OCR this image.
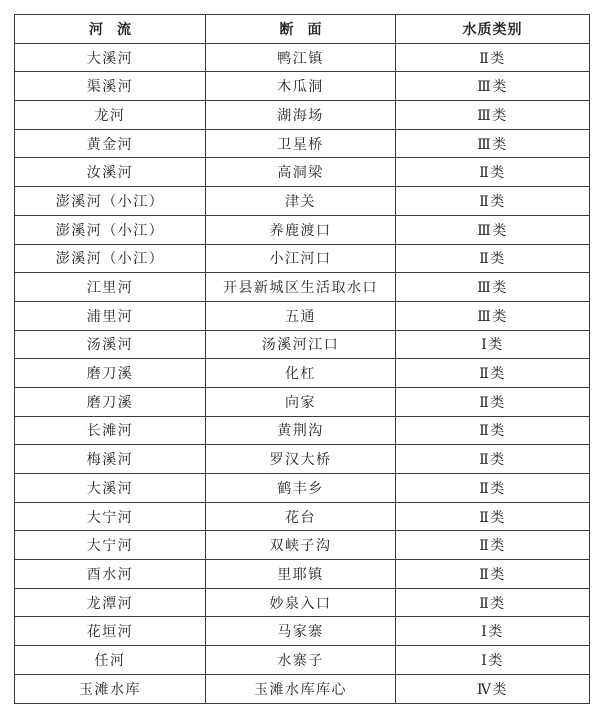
河流	断面	水质类别
大溪河	鸭江镇	Ⅱ类
渠溪河	木瓜洞	Ⅲ类
龙河	湖海场	Ⅲ类
黄金河	卫星桥	Ⅲ类
汝溪河	高洞梁	Ⅱ类
澎溪河（小江）	津关	Ⅱ类
澎溪河（小江）	养鹿渡口	Ⅲ类
澎溪河（小江）	小江河口	Ⅱ类
江里河	开县新城区生活取水口	Ⅲ类
浦里河	五通	Ⅲ类
汤溪河	汤溪河江口	Ⅰ类
磨刀溪	化杠	Ⅱ类
磨刀溪	向家	Ⅱ类
长滩河	黄荆沟	Ⅱ类
梅溪河	罗汉大桥	Ⅱ类
大溪河	鹤丰乡	Ⅱ类
大宁河	花台	Ⅱ类
大宁河	双峡子沟	Ⅱ类
酉水河	里耶镇	Ⅱ类
龙潭河	妙泉入口	Ⅱ类
花垣河	马家寨	Ⅰ类
任河	水寨子	Ⅰ类
玉滩水库	玉滩水库库心	Ⅳ类
